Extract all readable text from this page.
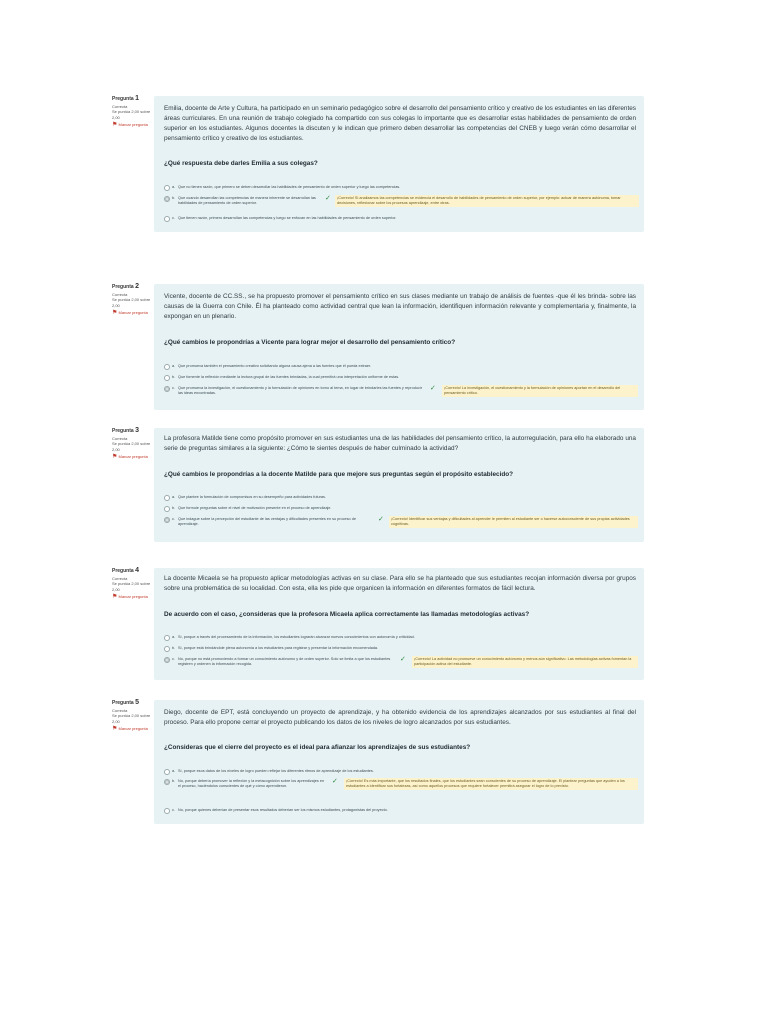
Pregunta 1
Correcta
Se puntúa 2,00 sobre 2,00
⚑ Marcar pregunta

Emilia, docente de Arte y Cultura, ha participado en un seminario pedagógico sobre el desarrollo del pensamiento crítico y creativo de los estudiantes en las diferentes áreas curriculares. En una reunión de trabajo colegiado ha compartido con sus colegas lo importante que es desarrollar estas habilidades de pensamiento de orden superior en los estudiantes. Algunos docentes la discuten y le indican que primero deben desarrollar las competencias del CNEB y luego verán cómo desarrollar el pensamiento crítico y creativo de los estudiantes.

¿Qué respuesta debe darles Emilia a sus colegas?

a. Que no tienen razón, que primero se deben desarrollar las habilidades de pensamiento de orden superior y luego las competencias.
b. Que cuando desarrollan las competencias de manera inherente se desarrollan las habilidades de pensamiento de orden superior.
✓	¡Correcto! Si analizamos las competencias se evidencia el desarrollo de habilidades de pensamiento de orden superior, por ejemplo: actuar de manera autónoma, tomar decisiones, reflexionar sobre los procesos aprendizaje, entre otras.
c. Que tienen razón, primero desarrollan las competencias y luego se enfocan en las habilidades de pensamiento de orden superior.
Pregunta 2
Correcta
Se puntúa 2,00 sobre 2,00
⚑ Marcar pregunta

Vicente, docente de CC.SS., se ha propuesto promover el pensamiento crítico en sus clases mediante un trabajo de análisis de fuentes -que él les brinda- sobre las causas de la Guerra con Chile. Él ha planteado como actividad central que lean la información, identifiquen información relevante y complementaria y, finalmente, la expongan en un plenario.

¿Qué cambios le propondrías a Vicente para lograr mejor el desarrollo del pensamiento crítico?

a. Que promueva también el pensamiento creativo solicitando alguna causa ajena a las fuentes que él pueda extraer.
b. Que fomente la reflexión mediante la lectura grupal de las fuentes brindadas, la cual permitirá una interpretación uniforme de estas.
c. Que promueva la investigación, el cuestionamiento y la formulación de opiniones en torno al tema, en lugar de brindarles las fuentes y reproducir las ideas encontradas.
✓	¡Correcto! La investigación, el cuestionamiento y la formulación de opiniones aportan en el desarrollo del pensamiento crítico.
Pregunta 3
Correcta
Se puntúa 2,00 sobre 2,00
⚑ Marcar pregunta

La profesora Matilde tiene como propósito promover en sus estudiantes una de las habilidades del pensamiento crítico, la autorregulación, para ello ha elaborado una serie de preguntas similares a la siguiente: ¿Cómo te sientes después de haber culminado la actividad?

¿Qué cambios le propondrías a la docente Matilde para que mejore sus preguntas según el propósito establecido?

a. Que plantee la formulación de compromisos en su desempeño para actividades futuras.
b. Que formule preguntas sobre el nivel de motivación presente en el proceso de aprendizaje.
c. Que indague sobre la percepción del estudiante de las ventajas y dificultades presentes en su proceso de aprendizaje.
✓	¡Correcto! Identificar sus ventajas y dificultades al aprender le permiten al estudiante ser o hacerse autoconsciente de sus propias actividades cognitivas.
Pregunta 4
Correcta
Se puntúa 2,00 sobre 2,00
⚑ Marcar pregunta

La docente Micaela se ha propuesto aplicar metodologías activas en su clase. Para ello se ha planteado que sus estudiantes recojan información diversa por grupos sobre una problemática de su localidad. Con esta, ella les pide que organicen la información en diferentes formatos de fácil lectura.

De acuerdo con el caso, ¿consideras que la profesora Micaela aplica correctamente las llamadas metodologías activas?

a. Sí, porque a través del procesamiento de la información, los estudiantes lograrán alcanzar nuevos conocimientos con autonomía y criticidad.
b. Sí, porque está brindándole plena autonomía a los estudiantes para registrar y presentar la información encomendada.
c. No, porque no está promoviendo a formar un conocimiento autónomo y de orden superior. Solo se limita a que los estudiantes registren y ordenen la información recogida.
✓	¡Correcto! La actividad no promueve un conocimiento autónomo y menos aún significativo. Las metodologías activas fomentan la participación activa del estudiante.
Pregunta 5
Correcta
Se puntúa 2,00 sobre 2,00
⚑ Marcar pregunta

Diego, docente de EPT, está concluyendo un proyecto de aprendizaje, y ha obtenido evidencia de los aprendizajes alcanzados por sus estudiantes al final del proceso. Para ello propone cerrar el proyecto publicando los datos de los niveles de logro alcanzados por sus estudiantes.

¿Consideras que el cierre del proyecto es el ideal para afianzar los aprendizajes de sus estudiantes?

a. Sí, porque esos datos de los niveles de logro pueden reflejar los diferentes ritmos de aprendizaje de los estudiantes.
b. No, porque debería promover la reflexión y la metacognición sobre los aprendizajes en el proceso, haciéndolos conscientes de qué y cómo aprendieron.
✓	¡Correcto! Es más importante, que los resultados finales, que los estudiantes sean conscientes de su proceso de aprendizaje. El plantear preguntas que ayuden a los estudiantes a identificar sus fortalezas, así como aquellos procesos que requiere fortalecer permitirá asegurar el logro de lo previsto.
c. No, porque quienes deberían de presentar esos resultados deberían ser los mismos estudiantes, protagonistas del proyecto.
